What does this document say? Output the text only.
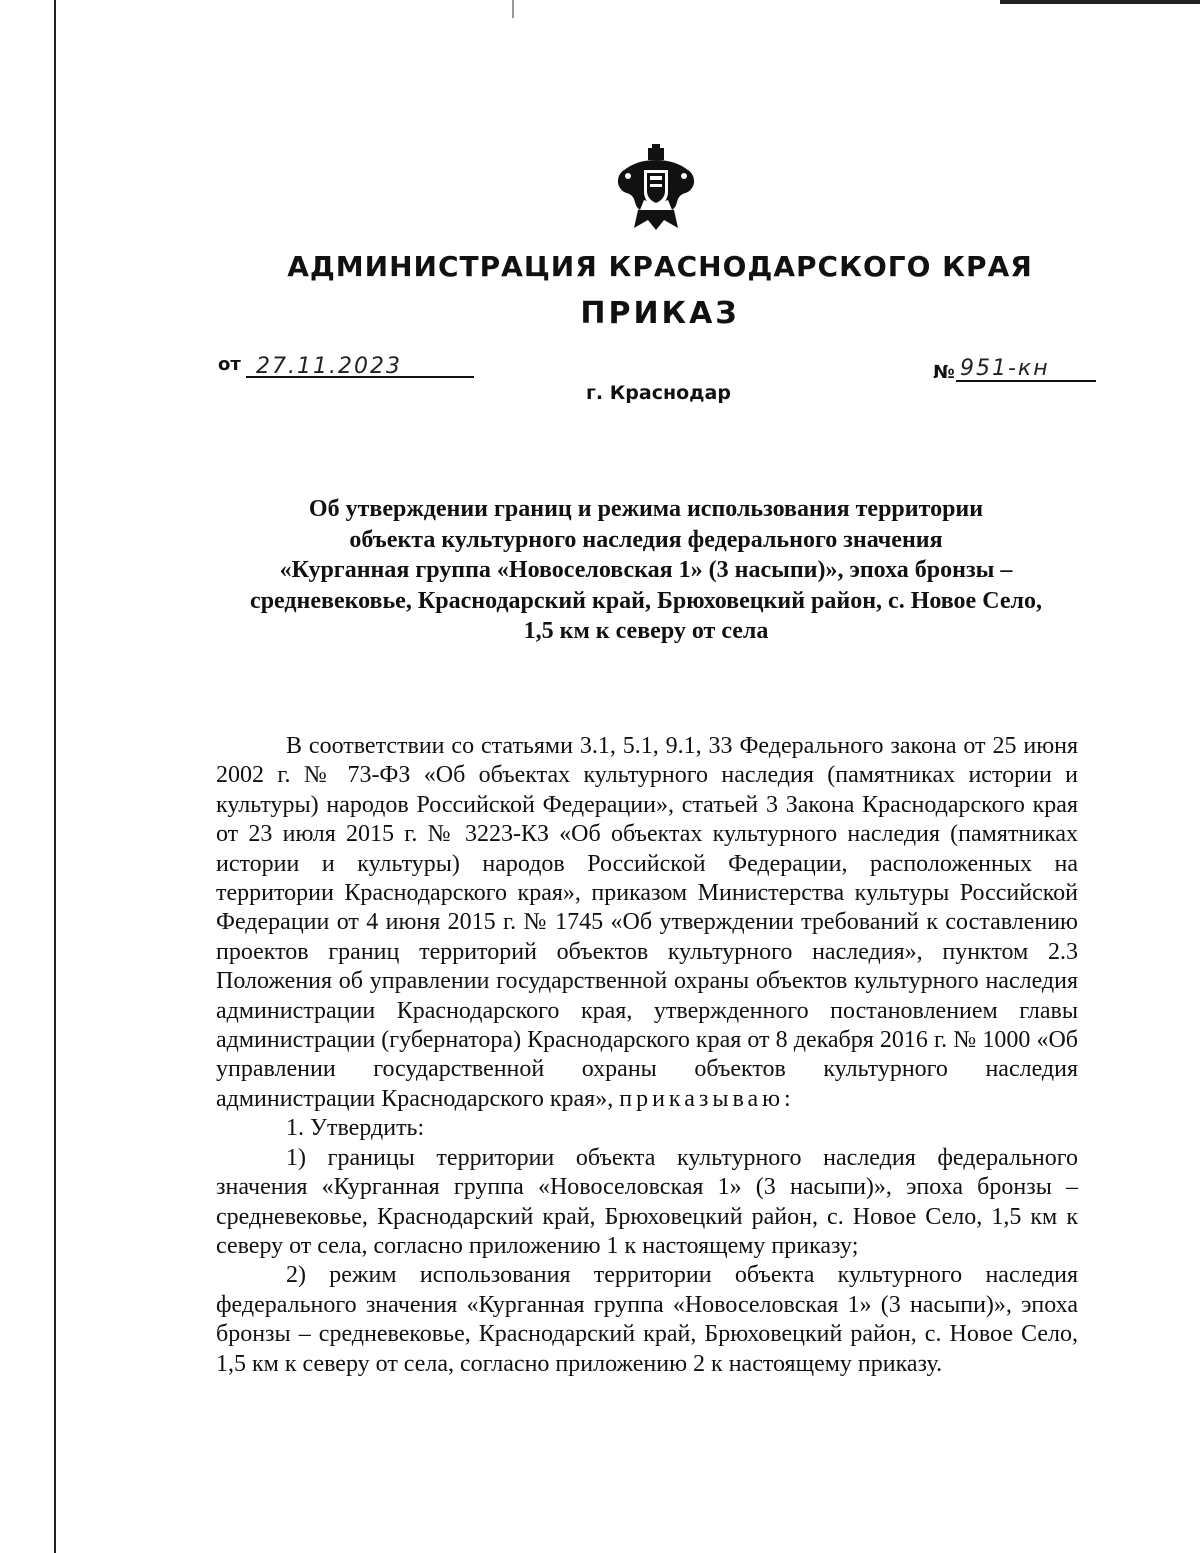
АДМИНИСТРАЦИЯ КРАСНОДАРСКОГО КРАЯ
ПРИКАЗ
от 27.11.2023	№ 951-кн
г. Краснодар
Об утверждении границ и режима использования территории
объекта культурного наследия федерального значения
«Курганная группа «Новоселовская 1» (3 насыпи)», эпоха бронзы –
средневековье, Краснодарский край, Брюховецкий район, с. Новое Село,
1,5 км к северу от села

В соответствии со статьями 3.1, 5.1, 9.1, 33 Федерального закона от 25 июня 2002 г. № 73-ФЗ «Об объектах культурного наследия (памятниках истории и культуры) народов Российской Федерации», статьей 3 Закона Краснодарского края от 23 июля 2015 г. № 3223-КЗ «Об объектах культурного наследия (памятниках истории и культуры) народов Российской Федерации, расположенных на территории Краснодарского края», приказом Министерства культуры Российской Федерации от 4 июня 2015 г. № 1745 «Об утверждении требований к составлению проектов границ территорий объектов культурного наследия», пунктом 2.3 Положения об управлении государственной охраны объектов культурного наследия администрации Краснодарского края, утвержденного постановлением главы администрации (губернатора) Краснодарского края от 8 декабря 2016 г. № 1000 «Об управлении государственной охраны объектов культурного наследия администрации Краснодарского края», приказываю:

1. Утвердить:

1) границы территории объекта культурного наследия федерального значения «Курганная группа «Новоселовская 1» (3 насыпи)», эпоха бронзы – средневековье, Краснодарский край, Брюховецкий район, с. Новое Село, 1,5 км к северу от села, согласно приложению 1 к настоящему приказу;

2) режим использования территории объекта культурного наследия федерального значения «Курганная группа «Новоселовская 1» (3 насыпи)», эпоха бронзы – средневековье, Краснодарский край, Брюховецкий район, с. Новое Село, 1,5 км к северу от села, согласно приложению 2 к настоящему приказу.
